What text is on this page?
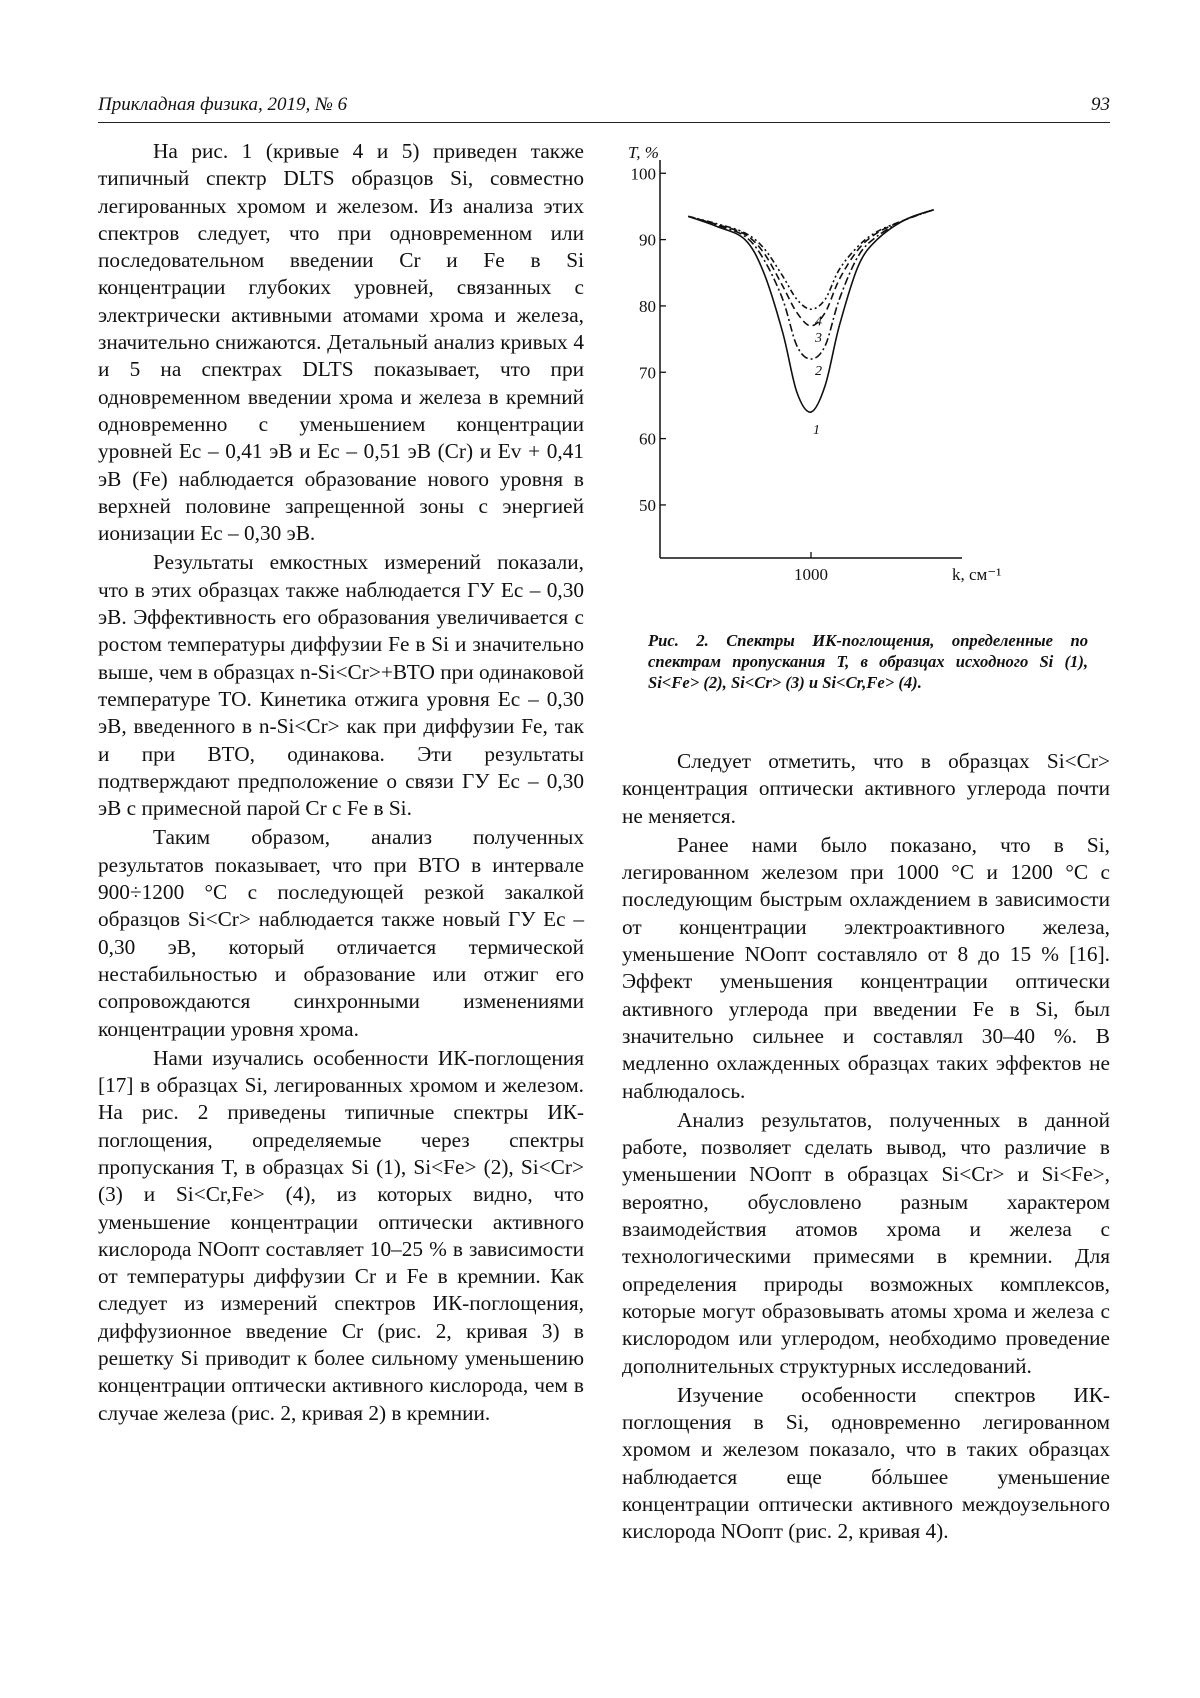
Прикладная физика, 2019, № 6	93

На рис. 1 (кривые 4 и 5) приведен также типичный спектр DLTS образцов Si, совместно легированных хромом и железом. Из анализа этих спектров следует, что при одновременном или последовательном введении Cr и Fe в Si концентрации глубоких уровней, связанных с электрически активными атомами хрома и железа, значительно снижаются. Детальный анализ кривых 4 и 5 на спектрах DLTS показывает, что при одновременном введении хрома и железа в кремний одновременно с уменьшением концентрации уровней Ec – 0,41 эВ и Ec – 0,51 эВ (Cr) и Ev + 0,41 эВ (Fe) наблюдается образование нового уровня в верхней половине запрещенной зоны с энергией ионизации Ec – 0,30 эВ.

Результаты емкостных измерений показали, что в этих образцах также наблюдается ГУ Ec – 0,30 эВ. Эффективность его образования увеличивается с ростом температуры диффузии Fe в Si и значительно выше, чем в образцах n-Si<Cr>+ВТО при одинаковой температуре ТО. Кинетика отжига уровня Ec – 0,30 эВ, введенного в n-Si<Cr> как при диффузии Fe, так и при ВТО, одинакова. Эти результаты подтверждают предположение о связи ГУ Ec – 0,30 эВ с примесной парой Cr с Fe в Si.

Таким образом, анализ полученных результатов показывает, что при ВТО в интервале 900÷1200 °C с последующей резкой закалкой образцов Si<Cr> наблюдается также новый ГУ Ec – 0,30 эВ, который отличается термической нестабильностью и образование или отжиг его сопровождаются синхронными изменениями концентрации уровня хрома.

Нами изучались особенности ИК-поглощения [17] в образцах Si, легированных хромом и железом. На рис. 2 приведены типичные спектры ИК-поглощения, определяемые через спектры пропускания T, в образцах Si (1), Si<Fe> (2), Si<Cr> (3) и Si<Cr,Fe> (4), из которых видно, что уменьшение концентрации оптически активного кислорода NOопт составляет 10–25 % в зависимости от температуры диффузии Cr и Fe в кремнии. Как следует из измерений спектров ИК-поглощения, диффузионное введение Cr (рис. 2, кривая 3) в решетку Si приводит к более сильному уменьшению концентрации оптически активного кислорода, чем в случае железа (рис. 2, кривая 2) в кремнии.

50
60
70
80
90
100
1000
T, %
k, см⁻¹
1
2
3
4
Рис. 2. Спектры ИК-поглощения, определенные по спектрам пропускания T, в образцах исходного Si (1), Si<Fe> (2), Si<Cr> (3) и Si<Cr,Fe> (4).

Следует отметить, что в образцах Si<Cr> концентрация оптически активного углерода почти не меняется.

Ранее нами было показано, что в Si, легированном железом при 1000 °C и 1200 °C с последующим быстрым охлаждением в зависимости от концентрации электроактивного железа, уменьшение NOопт составляло от 8 до 15 % [16]. Эффект уменьшения концентрации оптически активного углерода при введении Fe в Si, был значительно сильнее и составлял 30–40 %. В медленно охлажденных образцах таких эффектов не наблюдалось.

Анализ результатов, полученных в данной работе, позволяет сделать вывод, что различие в уменьшении NOопт в образцах Si<Cr> и Si<Fe>, вероятно, обусловлено разным характером взаимодействия атомов хрома и железа с технологическими примесями в кремнии. Для определения природы возможных комплексов, которые могут образовывать атомы хрома и железа с кислородом или углеродом, необходимо проведение дополнительных структурных исследований.

Изучение особенности спектров ИК-поглощения в Si, одновременно легированном хромом и железом показало, что в таких образцах наблюдается еще бóльшее уменьшение концентрации оптически активного междоузельного кислорода NOопт (рис. 2, кривая 4).
